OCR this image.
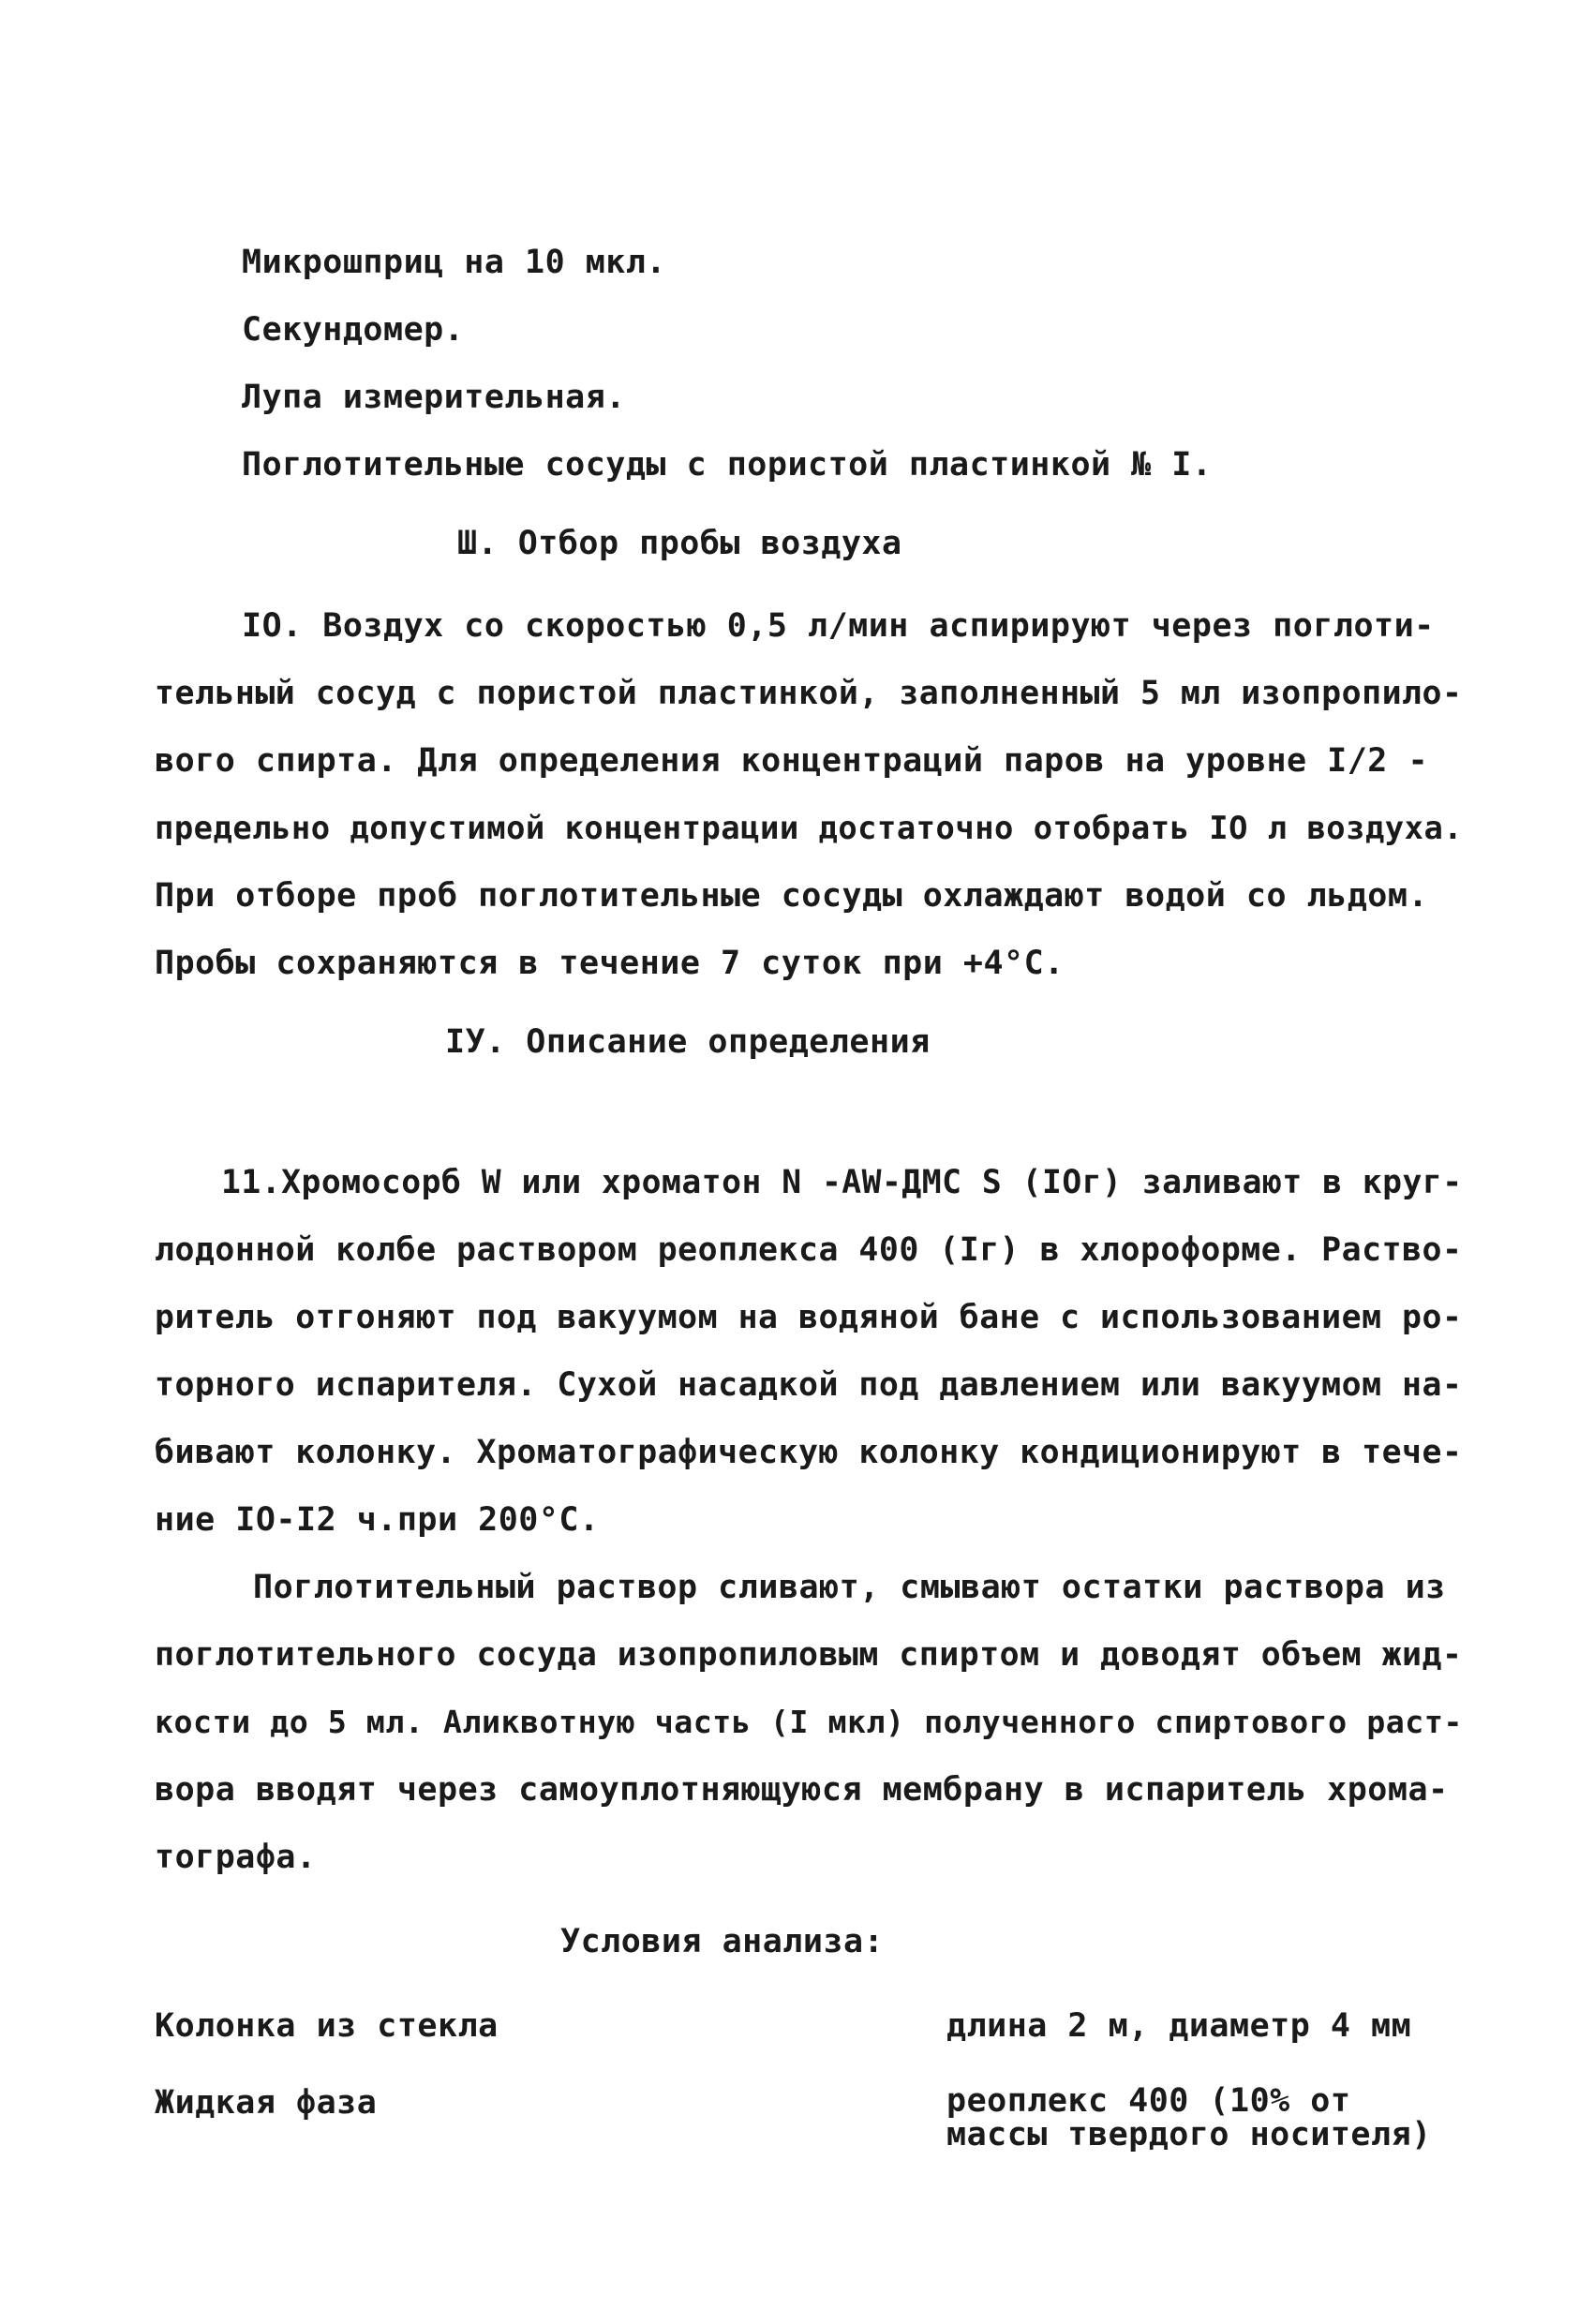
Микрошприц на 10 мкл.
Секундомер.
Лупа измерительная.
Поглотительные сосуды с пористой пластинкой № I.
Ш. Отбор пробы воздуха
IO. Воздух со скоростью 0,5 л/мин аспирируют через поглоти-
тельный сосуд с пористой пластинкой, заполненный 5 мл изопропило-
вого спирта. Для определения концентраций паров на уровне I/2 -
предельно допустимой концентрации достаточно отобрать IO л воздуха.
При отборе проб поглотительные сосуды охлаждают водой со льдом.
Пробы сохраняются в течение 7 суток при +4°С.
IУ. Описание определения
11.Хромосорб W или хроматон N -AW-ДМС S (IOг) заливают в круг-
лодонной колбе раствором реоплекса 400 (Iг) в хлороформе. Раство-
ритель отгоняют под вакуумом на водяной бане с использованием ро-
торного испарителя. Сухой насадкой под давлением или вакуумом на-
бивают колонку. Хроматографическую колонку кондиционируют в тече-
ние IO-I2 ч.при 200°С.
Поглотительный раствор сливают, смывают остатки раствора из
поглотительного сосуда изопропиловым спиртом и доводят объем жид-
кости до 5 мл. Аликвотную часть (I мкл) полученного спиртового раст-
вора вводят через самоуплотняющуюся мембрану в испаритель хрома-
тографа.
Условия анализа:
Колонка из стекла	длина 2 м, диаметр 4 мм
Жидкая фаза	реоплекс 400 (10% от
массы твердого носителя)
